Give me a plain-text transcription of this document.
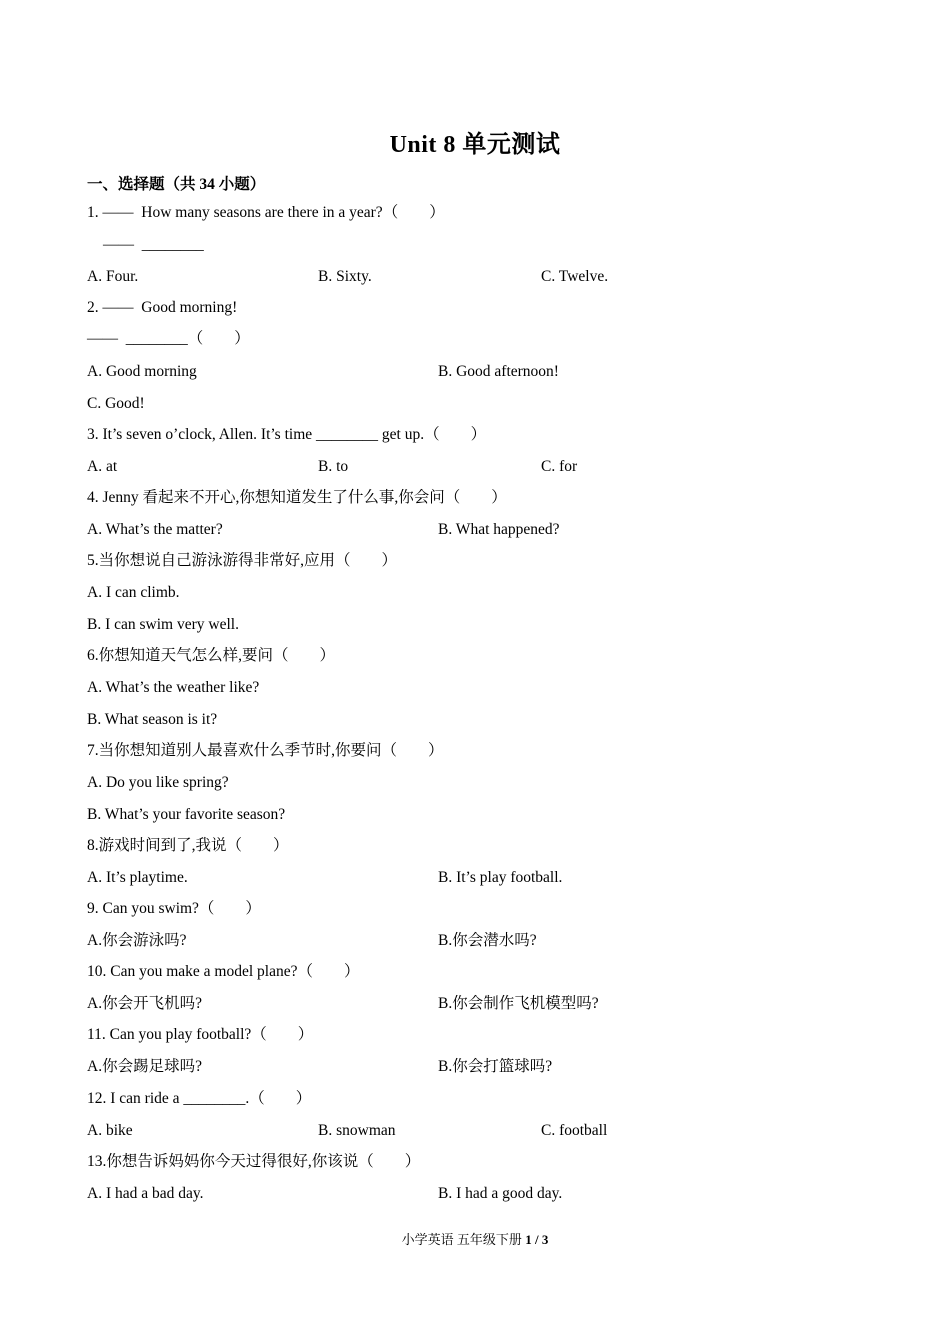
Unit 8 单元测试
一、选择题（共 34 小题）
1. ——  How many seasons are there in a year?（        ）
——  ________
A. Four.	B. Sixty.	C. Twelve.
2. ——  Good morning!
——  ________（        ）
A. Good morning	B. Good afternoon!
C. Good!
3. It’s seven o’clock, Allen. It’s time ________ get up.（        ）
A. at	B. to	C. for
4. Jenny 看起来不开心,你想知道发生了什么事,你会问（        ）
A. What’s the matter?	B. What happened?
5.当你想说自己游泳游得非常好,应用（        ）
A. I can climb.
B. I can swim very well.
6.你想知道天气怎么样,要问（        ）
A. What’s the weather like?
B. What season is it?
7.当你想知道别人最喜欢什么季节时,你要问（        ）
A. Do you like spring?
B. What’s your favorite season?
8.游戏时间到了,我说（        ）
A. It’s playtime.	B. It’s play football.
9. Can you swim?（        ）
A.你会游泳吗?	B.你会潜水吗?
10. Can you make a model plane?（        ）
A.你会开飞机吗?	B.你会制作飞机模型吗?
11. Can you play football?（        ）
A.你会踢足球吗?	B.你会打篮球吗?
12. I can ride a ________.（        ）
A. bike	B. snowman	C. football
13.你想告诉妈妈你今天过得很好,你该说（        ）
A. I had a bad day.	B. I had a good day.
小学英语 五年级下册 1 / 3
